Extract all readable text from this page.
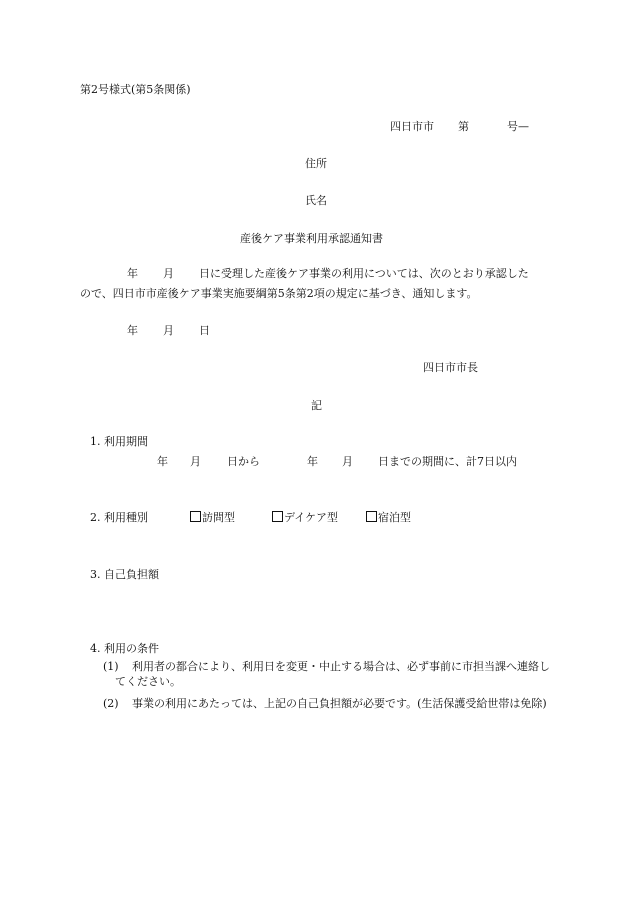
第2号様式(第5条関係)
四日市市 第	号—
住所
氏名
産後ケア事業利用承認通知書
年 月 日 に受理した産後ケア事業の利用については、次のとおり承認した
ので、四日市市産後ケア事業実施要綱第5条第2項の規定に基づき、通知します。
年 月 日
四日市市長
記
1. 利用期間
年 月 日から	年 月 日までの期間に、計7日以内
2. 利用種別	訪問型	デイケア型	宿泊型
3. 自己負担額
4. 利用の条件
(1)	利用者の都合により、利用日を変更・中止する場合は、必ず事前に市担当課へ連絡してください。
(2)	事業の利用にあたっては、上記の自己負担額が必要です。(生活保護受給世帯は免除)
